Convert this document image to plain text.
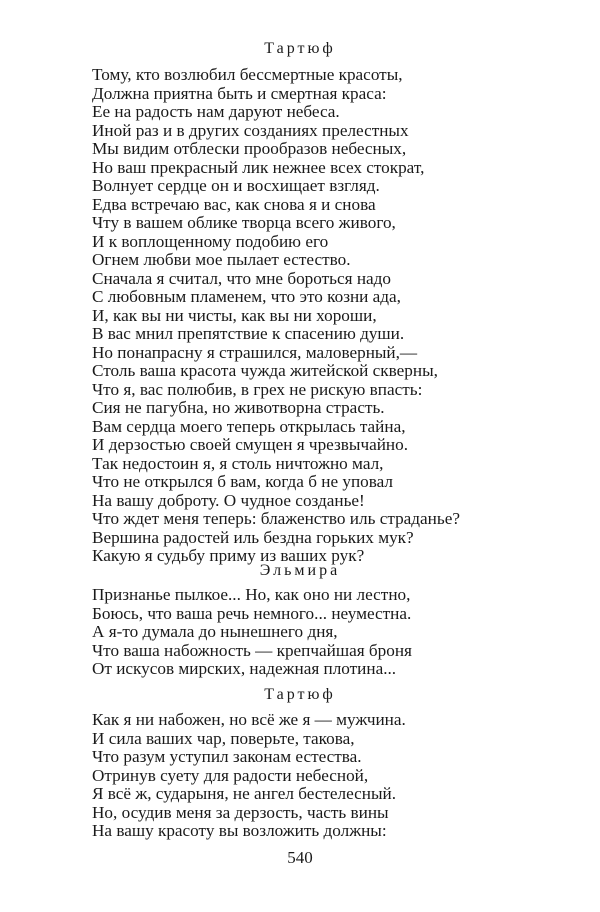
Тартюф
Тому, кто возлюбил бессмертные красоты,
Должна приятна быть и смертная краса:
Ее на радость нам даруют небеса.
Иной раз и в других созданиях прелестных
Мы видим отблески прообразов небесных,
Но ваш прекрасный лик нежнее всех стократ,
Волнует сердце он и восхищает взгляд.
Едва встречаю вас, как снова я и снова
Чту в вашем облике творца всего живого,
И к воплощенному подобию его
Огнем любви мое пылает естество.
Сначала я считал, что мне бороться надо
С любовным пламенем, что это козни ада,
И, как вы ни чисты, как вы ни хороши,
В вас мнил препятствие к спасению души.
Но понапрасну я страшился, маловерный,—
Столь ваша красота чужда житейской скверны,
Что я, вас полюбив, в грех не рискую впасть:
Сия не пагубна, но животворна страсть.
Вам сердца моего теперь открылась тайна,
И дерзостью своей смущен я чрезвычайно.
Так недостоин я, я столь ничтожно мал,
Что не открылся б вам, когда б не уповал
На вашу доброту. О чудное созданье!
Что ждет меня теперь: блаженство иль страданье?
Вершина радостей иль бездна горьких мук?
Какую я судьбу приму из ваших рук?
Эльмира
Признанье пылкое... Но, как оно ни лестно,
Боюсь, что ваша речь немного... неуместна.
А я-то думала до нынешнего дня,
Что ваша набожность — крепчайшая броня
От искусов мирских, надежная плотина...
Тартюф
Как я ни набожен, но всё же я — мужчина.
И сила ваших чар, поверьте, такова,
Что разум уступил законам естества.
Отринув суету для радости небесной,
Я всё ж, сударыня, не ангел бестелесный.
Но, осудив меня за дерзость, часть вины
На вашу красоту вы возложить должны:
540
